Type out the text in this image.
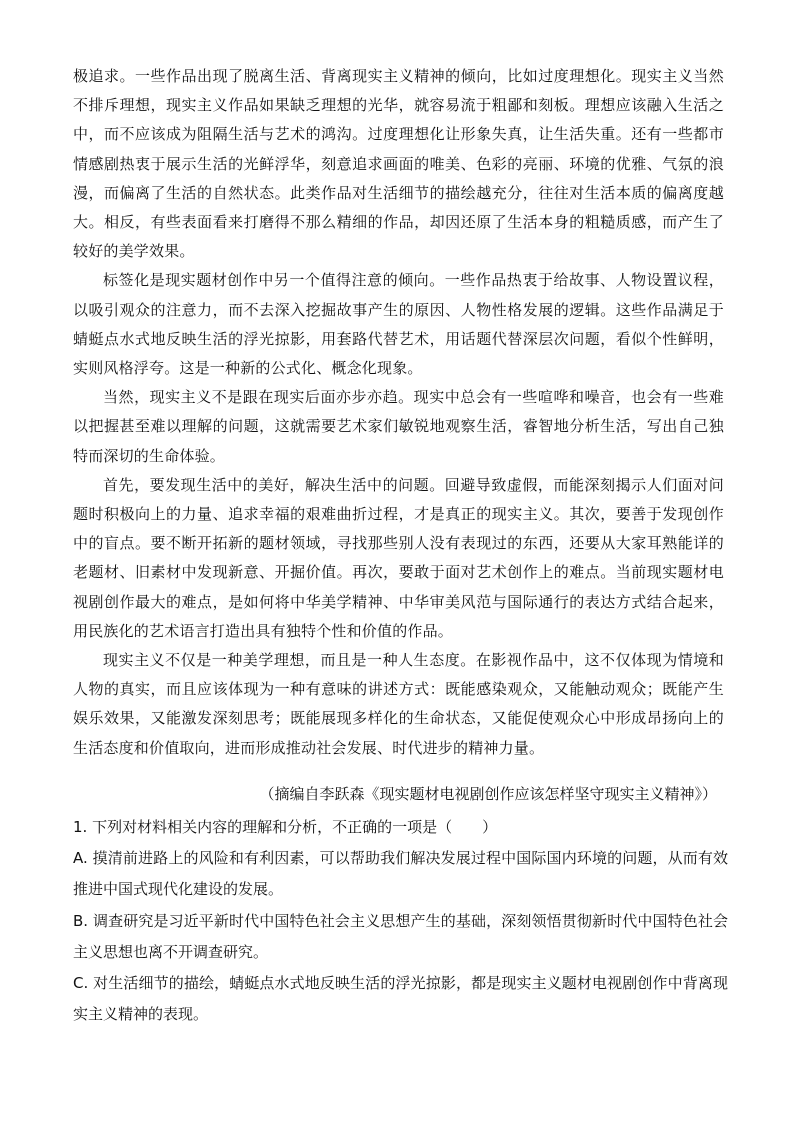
极追求。一些作品出现了脱离生活、背离现实主义精神的倾向，比如过度理想化。现实主义当然不排斥理想，现实主义作品如果缺乏理想的光华，就容易流于粗鄙和刻板。理想应该融入生活之中，而不应该成为阻隔生活与艺术的鸿沟。过度理想化让形象失真，让生活失重。还有一些都市情感剧热衷于展示生活的光鲜浮华，刻意追求画面的唯美、色彩的亮丽、环境的优雅、气氛的浪漫，而偏离了生活的自然状态。此类作品对生活细节的描绘越充分，往往对生活本质的偏离度越大。相反，有些表面看来打磨得不那么精细的作品，却因还原了生活本身的粗糙质感，而产生了较好的美学效果。

标签化是现实题材创作中另一个值得注意的倾向。一些作品热衷于给故事、人物设置议程，以吸引观众的注意力，而不去深入挖掘故事产生的原因、人物性格发展的逻辑。这些作品满足于蜻蜓点水式地反映生活的浮光掠影，用套路代替艺术，用话题代替深层次问题，看似个性鲜明，实则风格浮夸。这是一种新的公式化、概念化现象。

当然，现实主义不是跟在现实后面亦步亦趋。现实中总会有一些喧哗和噪音，也会有一些难以把握甚至难以理解的问题，这就需要艺术家们敏锐地观察生活，睿智地分析生活，写出自己独特而深切的生命体验。

首先，要发现生活中的美好，解决生活中的问题。回避导致虚假，而能深刻揭示人们面对问题时积极向上的力量、追求幸福的艰难曲折过程，才是真正的现实主义。其次，要善于发现创作中的盲点。要不断开拓新的题材领域，寻找那些别人没有表现过的东西，还要从大家耳熟能详的老题材、旧素材中发现新意、开掘价值。再次，要敢于面对艺术创作上的难点。当前现实题材电视剧创作最大的难点，是如何将中华美学精神、中华审美风范与国际通行的表达方式结合起来，用民族化的艺术语言打造出具有独特个性和价值的作品。

现实主义不仅是一种美学理想，而且是一种人生态度。在影视作品中，这不仅体现为情境和人物的真实，而且应该体现为一种有意味的讲述方式：既能感染观众，又能触动观众；既能产生娱乐效果，又能激发深刻思考；既能展现多样化的生命状态，又能促使观众心中形成昂扬向上的生活态度和价值取向，进而形成推动社会发展、时代进步的精神力量。

（摘编自李跃森《现实题材电视剧创作应该怎样坚守现实主义精神》）

1. 下列对材料相关内容的理解和分析，不正确的一项是（　　）

A. 摸清前进路上的风险和有利因素，可以帮助我们解决发展过程中国际国内环境的问题，从而有效推进中国式现代化建设的发展。

B. 调查研究是习近平新时代中国特色社会主义思想产生的基础，深刻领悟贯彻新时代中国特色社会主义思想也离不开调查研究。

C. 对生活细节的描绘，蜻蜓点水式地反映生活的浮光掠影，都是现实主义题材电视剧创作中背离现实主义精神的表现。
